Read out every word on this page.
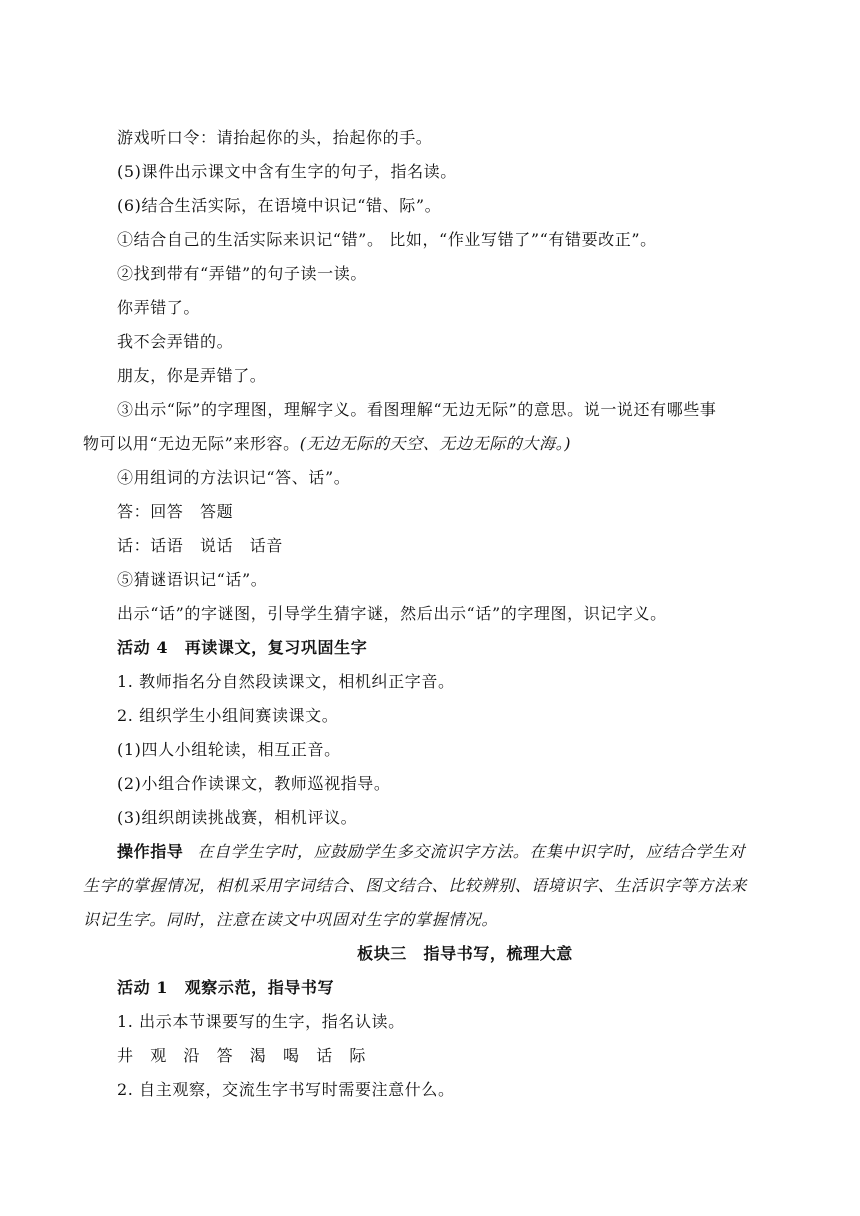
游戏听口令：请抬起你的头，抬起你的手。
(5)课件出示课文中含有生字的句子，指名读。
(6)结合生活实际，在语境中识记“错、际”。
①结合自己的生活实际来识记“错”。 比如，“作业写错了”“有错要改正”。
②找到带有“弄错”的句子读一读。
你弄错了。
我不会弄错的。
朋友，你是弄错了。
③出示“际”的字理图，理解字义。看图理解“无边无际”的意思。说一说还有哪些事
物可以用“无边无际”来形容。(无边无际的天空、无边无际的大海。)
④用组词的方法识记“答、话”。
答：回答　答题
话：话语　说话　话音
⑤猜谜语识记“话”。
出示“话”的字谜图，引导学生猜字谜，然后出示“话”的字理图，识记字义。
活动 4　再读课文，复习巩固生字
1. 教师指名分自然段读课文，相机纠正字音。
2. 组织学生小组间赛读课文。
(1)四人小组轮读，相互正音。
(2)小组合作读课文，教师巡视指导。
(3)组织朗读挑战赛，相机评议。
操作指导 在自学生字时，应鼓励学生多交流识字方法。在集中识字时，应结合学生对
生字的掌握情况，相机采用字词结合、图文结合、比较辨别、语境识字、生活识字等方法来
识记生字。同时，注意在读文中巩固对生字的掌握情况。
板块三　指导书写，梳理大意
活动 1　观察示范，指导书写
1. 出示本节课要写的生字，指名认读。
井　观　沿　答　渴　喝　话　际
2. 自主观察，交流生字书写时需要注意什么。
